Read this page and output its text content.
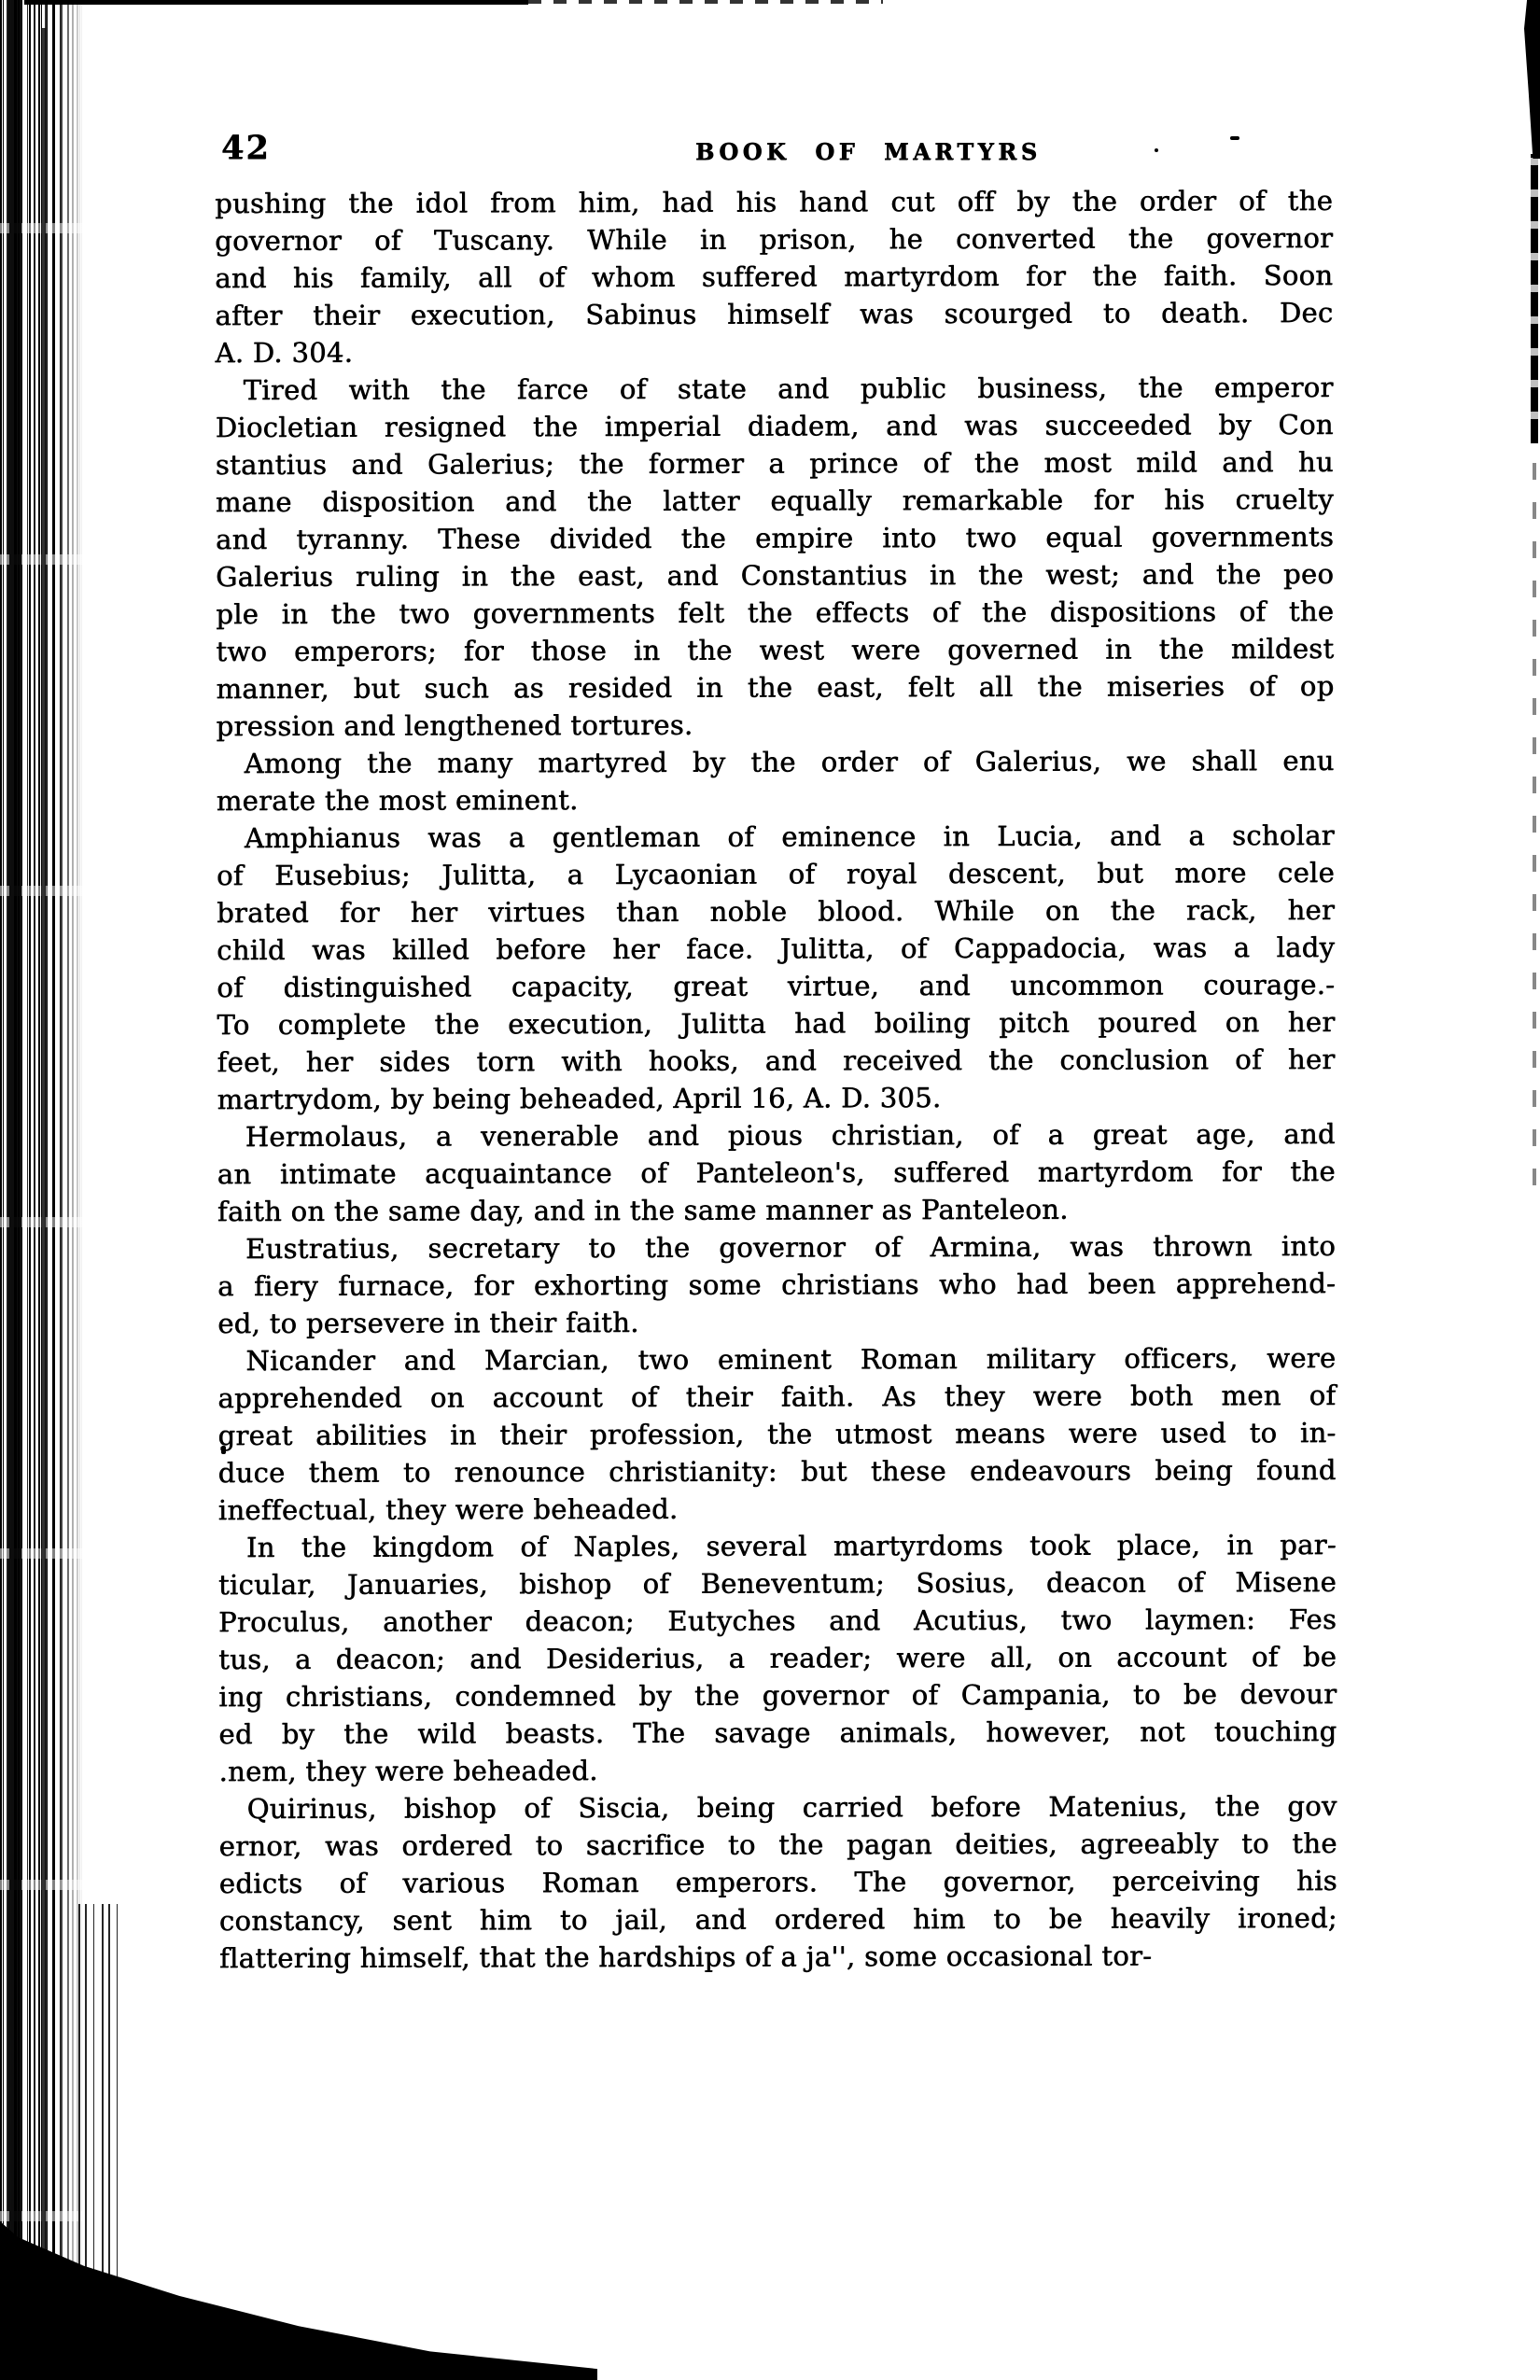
42	BOOK OF MARTYRS
pushing the idol from him, had his hand cut off by the order of the
governor of Tuscany. While in prison, he converted the governor
and his family, all of whom suffered martyrdom for the faith. Soon
after their execution, Sabinus himself was scourged to death. Dec
A. D. 304.
Tired with the farce of state and public business, the emperor
Diocletian resigned the imperial diadem, and was succeeded by Con
stantius and Galerius; the former a prince of the most mild and hu
mane disposition and the latter equally remarkable for his cruelty
and tyranny. These divided the empire into two equal governments
Galerius ruling in the east, and Constantius in the west; and the peo
ple in the two governments felt the effects of the dispositions of the
two emperors; for those in the west were governed in the mildest
manner, but such as resided in the east, felt all the miseries of op
pression and lengthened tortures.
Among the many martyred by the order of Galerius, we shall enu
merate the most eminent.
Amphianus was a gentleman of eminence in Lucia, and a scholar
of Eusebius; Julitta, a Lycaonian of royal descent, but more cele
brated for her virtues than noble blood. While on the rack, her
child was killed before her face. Julitta, of Cappadocia, was a lady
of distinguished capacity, great virtue, and uncommon courage.-
To complete the execution, Julitta had boiling pitch poured on her
feet, her sides torn with hooks, and received the conclusion of her
martrydom, by being beheaded, April 16, A. D. 305.
Hermolaus, a venerable and pious christian, of a great age, and
an intimate acquaintance of Panteleon's, suffered martyrdom for the
faith on the same day, and in the same manner as Panteleon.
Eustratius, secretary to the governor of Armina, was thrown into
a fiery furnace, for exhorting some christians who had been apprehend-
ed, to persevere in their faith.
Nicander and Marcian, two eminent Roman military officers, were
apprehended on account of their faith. As they were both men of
great abilities in their profession, the utmost means were used to in-
duce them to renounce christianity: but these endeavours being found
ineffectual, they were beheaded.
In the kingdom of Naples, several martyrdoms took place, in par-
ticular, Januaries, bishop of Beneventum; Sosius, deacon of Misene
Proculus, another deacon; Eutyches and Acutius, two laymen: Fes
tus, a deacon; and Desiderius, a reader; were all, on account of be
ing christians, condemned by the governor of Campania, to be devour
ed by the wild beasts. The savage animals, however, not touching
.nem, they were beheaded.
Quirinus, bishop of Siscia, being carried before Matenius, the gov
ernor, was ordered to sacrifice to the pagan deities, agreeably to the
edicts of various Roman emperors. The governor, perceiving his
constancy, sent him to jail, and ordered him to be heavily ironed;
flattering himself, that the hardships of a ja'', some occasional tor-
